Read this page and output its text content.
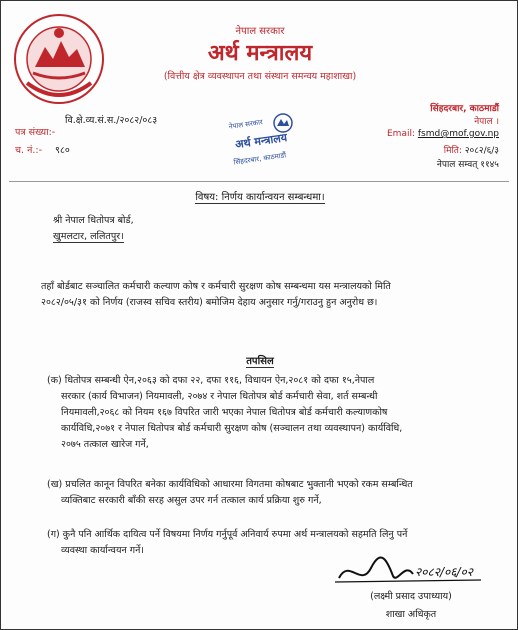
नेपाल सरकार
अर्थ मन्त्रालय
(वित्तीय क्षेत्र व्यवस्थापन तथा संस्थान समन्वय महाशाखा)
वि.क्षे.व्य.सं.स./२०८२/०८३
पत्र संख्या:-
च. नं.:- ९८०
नेपाल सरकार
अर्थ मन्त्रालय
सिंहदरबार, काठमाडौं
सिंहदरबार, काठमाडौं
नेपाल ।
Email: fsmd@mof.gov.np
मिति: २०८२/६/३
नेपाल सम्वत् ११४५
विषय: निर्णय कार्यान्वयन सम्बन्धमा।
श्री नेपाल धितोपत्र बोर्ड,
खुमलटार, ललितपुर।
तहाँ बोर्डबाट सञ्चालित कर्मचारी कल्याण कोष र कर्मचारी सुरक्षण कोष सम्बन्धमा यस मन्त्रालयको मिति
२०८२/०५/३१ को निर्णय (राजस्व सचिव स्तरीय) बमोजिम देहाय अनुसार गर्नु/गराउनु हुन अनुरोध छ।
तपसिल
(क) धितोपत्र सम्बन्धी ऐन,२०६३ को दफा २२, दफा ११६, विधायन ऐन,२०८१ को दफा १५,नेपाल
सरकार (कार्य विभाजन) नियमावली, २०७४ र नेपाल धितोपत्र बोर्ड कर्मचारी सेवा, शर्त सम्बन्धी
नियमावली,२०६८ को नियम १६७ विपरित जारी भएका नेपाल धितोपत्र बोर्ड कर्मचारी कल्याणकोष
कार्यविधि,२०७१ र नेपाल धितोपत्र बोर्ड कर्मचारी सुरक्षण कोष (सञ्चालन तथा व्यवस्थापन) कार्यविधि,
२०७५ तत्काल खारेज गर्ने,
(ख) प्रचलित कानून विपरित बनेका कार्यविधिको आधारमा विगतमा कोषबाट भुक्तानी भएको रकम सम्बन्धित
व्यक्तिबाट सरकारी बाँकी सरह असुल उपर गर्न तत्काल कार्य प्रक्रिया शुरु गर्ने,
(ग) कुनै पनि आर्थिक दायित्व पर्ने विषयमा निर्णय गर्नुपूर्व अनिवार्य रुपमा अर्थ मन्त्रालयको सहमति लिनु पर्ने
व्यवस्था कार्यान्वयन गर्ने।
२०८२/०६/०२
(लक्ष्मी प्रसाद उपाध्याय)
शाखा अधिकृत
